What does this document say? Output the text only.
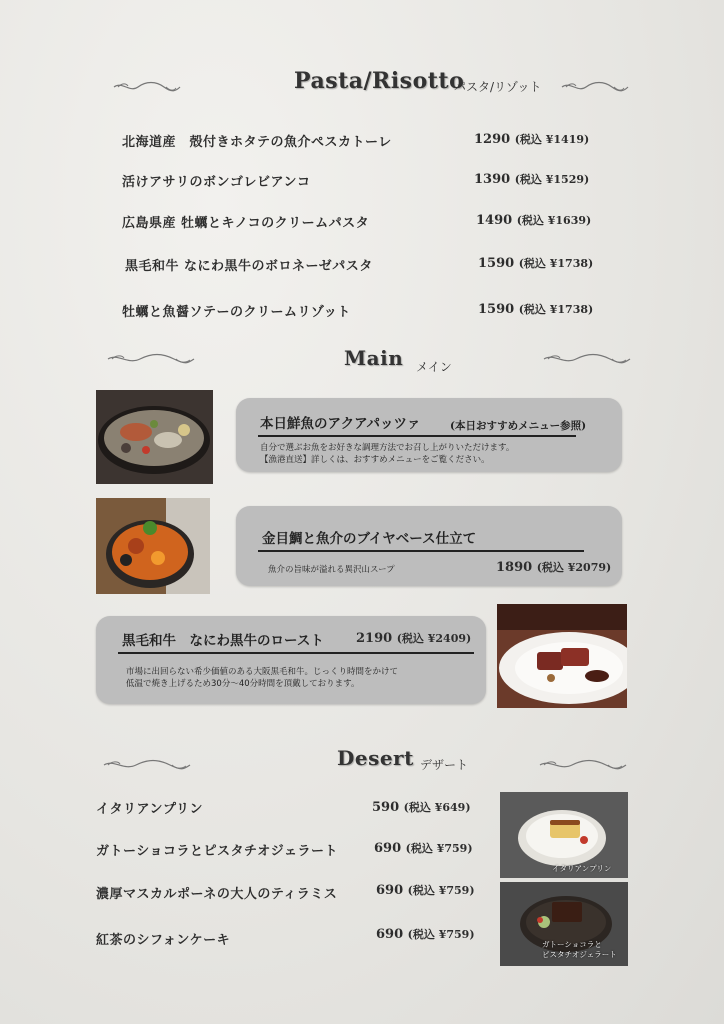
Pasta/Risotto
パスタ/リゾット
北海道産　殻付きホタテの魚介ペスカトーレ	1290 (税込 ¥1419)
活けアサリのボンゴレビアンコ	1390 (税込 ¥1529)
広島県産 牡蠣とキノコのクリームパスタ	1490 (税込 ¥1639)
黒毛和牛 なにわ黒牛のボロネーゼパスタ	1590 (税込 ¥1738)
牡蠣と魚醤ソテーのクリームリゾット	1590 (税込 ¥1738)
Main メイン
本日鮮魚のアクアパッツァ	(本日おすすめメニュー参照)
自分で選ぶお魚をお好きな調理方法でお召し上がりいただけます。
【漁港直送】詳しくは、おすすめメニューをご覧ください。
金目鯛と魚介のブイヤベース仕立て
魚介の旨味が溢れる異沢山スープ	1890 (税込 ¥2079)
黒毛和牛　なにわ黒牛のロースト 2190 (税込 ¥2409)
市場に出回らない希少価値のある大阪黒毛和牛。じっくり時間をかけて
低温で焼き上げるため30分～40分時間を頂戴しております。
Desert デザート
イタリアンプリン	590 (税込 ¥649)
ガトーショコラとピスタチオジェラート	690 (税込 ¥759)
濃厚マスカルポーネの大人のティラミス	690 (税込 ¥759)
紅茶のシフォンケーキ	690 (税込 ¥759)
イタリアンプリン
ガトーショコラと
ピスタチオジェラート
